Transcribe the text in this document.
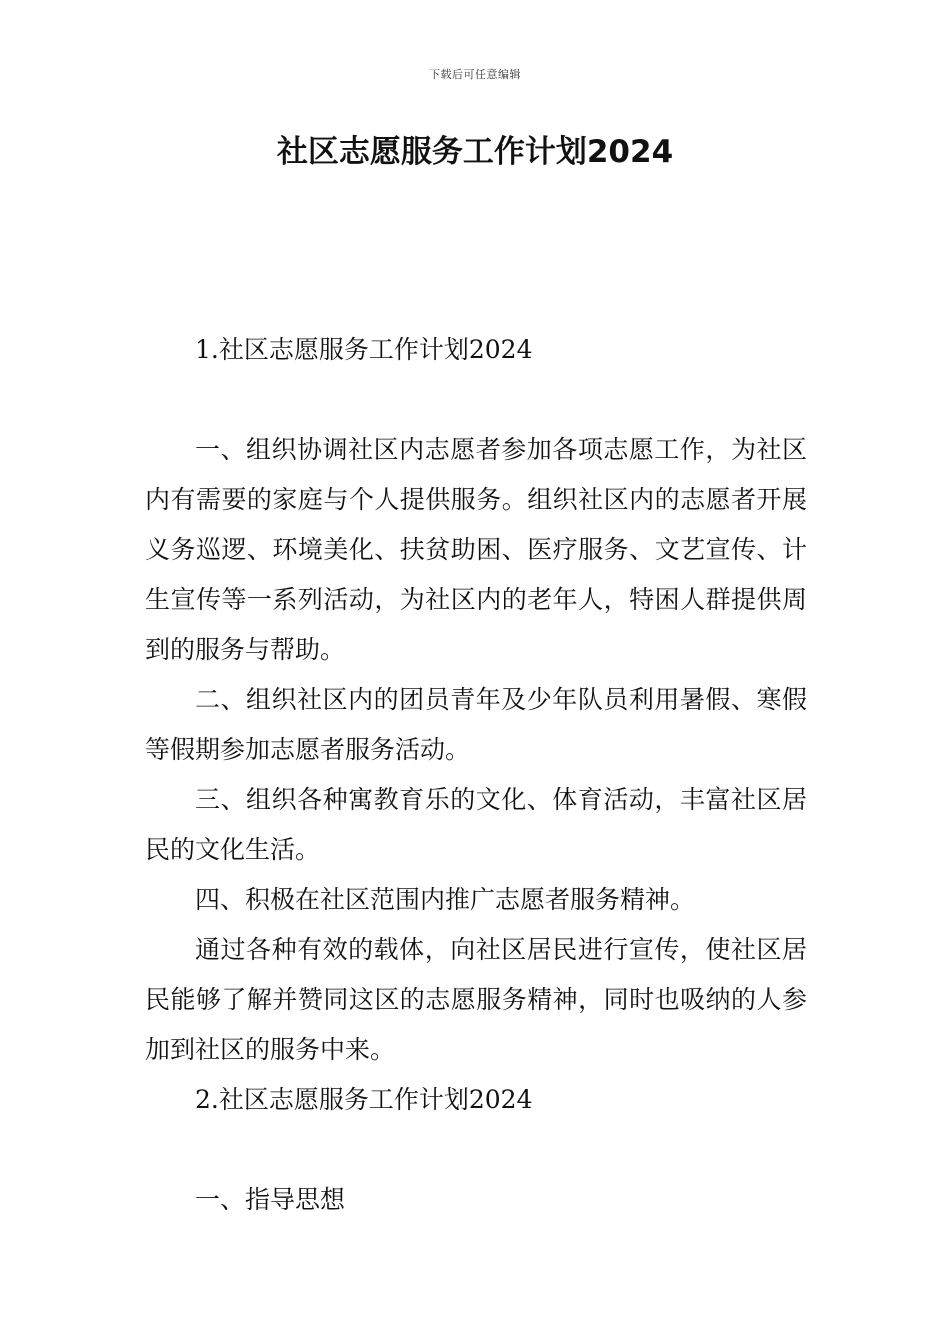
下载后可任意编辑
社区志愿服务工作计划2024

1.社区志愿服务工作计划2024

一、组织协调社区内志愿者参加各项志愿工作，为社区内有需要的家庭与个人提供服务。组织社区内的志愿者开展义务巡逻、环境美化、扶贫助困、医疗服务、文艺宣传、计生宣传等一系列活动，为社区内的老年人，特困人群提供周到的服务与帮助。

二、组织社区内的团员青年及少年队员利用暑假、寒假等假期参加志愿者服务活动。

三、组织各种寓教育乐的文化、体育活动，丰富社区居民的文化生活。

四、积极在社区范围内推广志愿者服务精神。

通过各种有效的载体，向社区居民进行宣传，使社区居民能够了解并赞同这区的志愿服务精神，同时也吸纳的人参加到社区的服务中来。

2.社区志愿服务工作计划2024

一、指导思想
